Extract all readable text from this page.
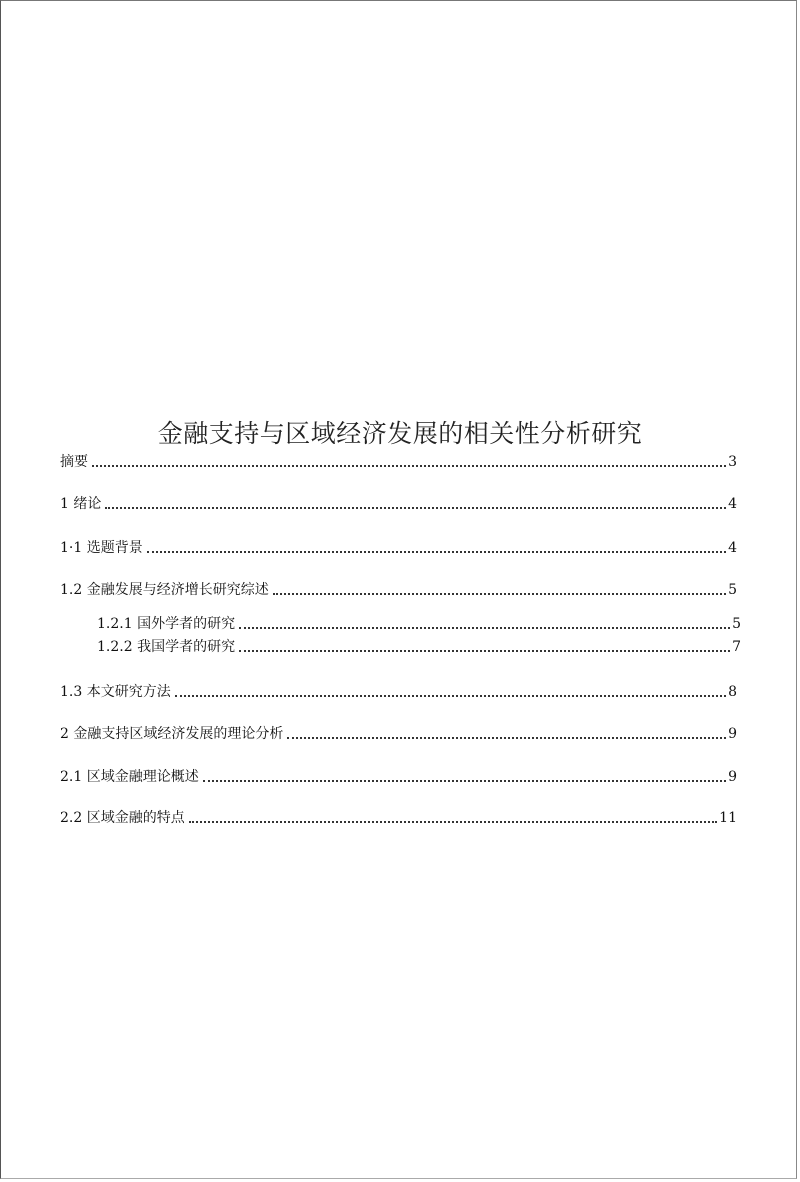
金融支持与区域经济发展的相关性分析研究
摘要	3
1 绪论	4
1·1 选题背景	4
1.2 金融发展与经济增长研究综述	5
1.2.1 国外学者的研究	5
1.2.2 我国学者的研究	7
1.3 本文研究方法	8
2 金融支持区域经济发展的理论分析	9
2.1 区域金融理论概述	9
2.2 区域金融的特点	11
